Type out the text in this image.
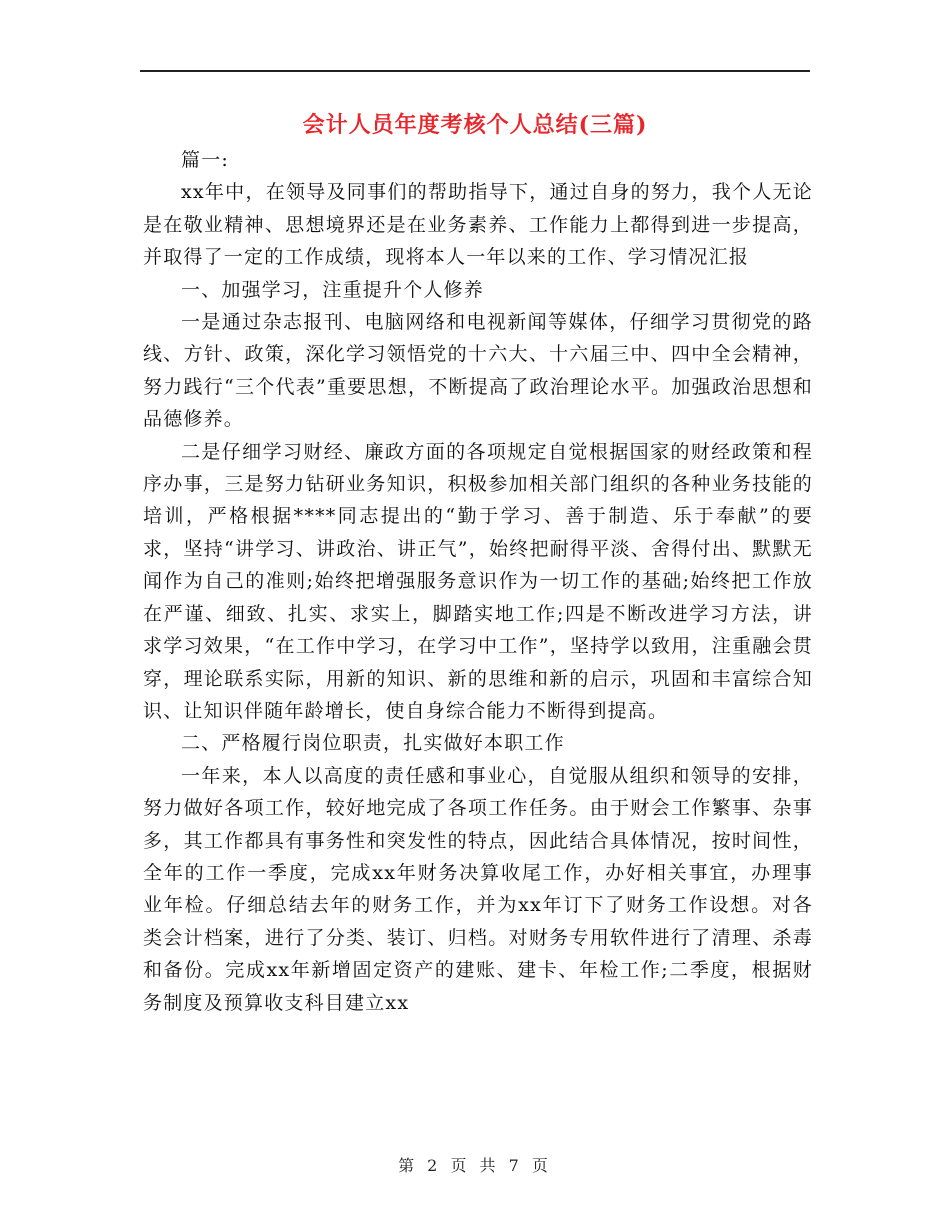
会计人员年度考核个人总结(三篇)

篇一:

xx年中，在领导及同事们的帮助指导下，通过自身的努力，我个人无论是在敬业精神、思想境界还是在业务素养、工作能力上都得到进一步提高，并取得了一定的工作成绩，现将本人一年以来的工作、学习情况汇报

一、加强学习，注重提升个人修养

一是通过杂志报刊、电脑网络和电视新闻等媒体，仔细学习贯彻党的路线、方针、政策，深化学习领悟党的十六大、十六届三中、四中全会精神，努力践行“三个代表”重要思想，不断提高了政治理论水平。加强政治思想和品德修养。

二是仔细学习财经、廉政方面的各项规定自觉根据国家的财经政策和程序办事，三是努力钻研业务知识，积极参加相关部门组织的各种业务技能的培训，严格根据****同志提出的“勤于学习、善于制造、乐于奉献”的要求，坚持“讲学习、讲政治、讲正气”，始终把耐得平淡、舍得付出、默默无闻作为自己的准则;始终把增强服务意识作为一切工作的基础;始终把工作放在严谨、细致、扎实、求实上，脚踏实地工作;四是不断改进学习方法，讲求学习效果，“在工作中学习，在学习中工作”，坚持学以致用，注重融会贯穿，理论联系实际，用新的知识、新的思维和新的启示，巩固和丰富综合知识、让知识伴随年龄增长，使自身综合能力不断得到提高。

二、严格履行岗位职责，扎实做好本职工作

一年来，本人以高度的责任感和事业心，自觉服从组织和领导的安排，努力做好各项工作，较好地完成了各项工作任务。由于财会工作繁事、杂事多，其工作都具有事务性和突发性的特点，因此结合具体情况，按时间性，全年的工作一季度，完成xx年财务决算收尾工作，办好相关事宜，办理事业年检。仔细总结去年的财务工作，并为xx年订下了财务工作设想。对各类会计档案，进行了分类、装订、归档。对财务专用软件进行了清理、杀毒和备份。完成xx年新增固定资产的建账、建卡、年检工作;二季度，根据财务制度及预算收支科目建立xx

第 2 页 共 7 页
